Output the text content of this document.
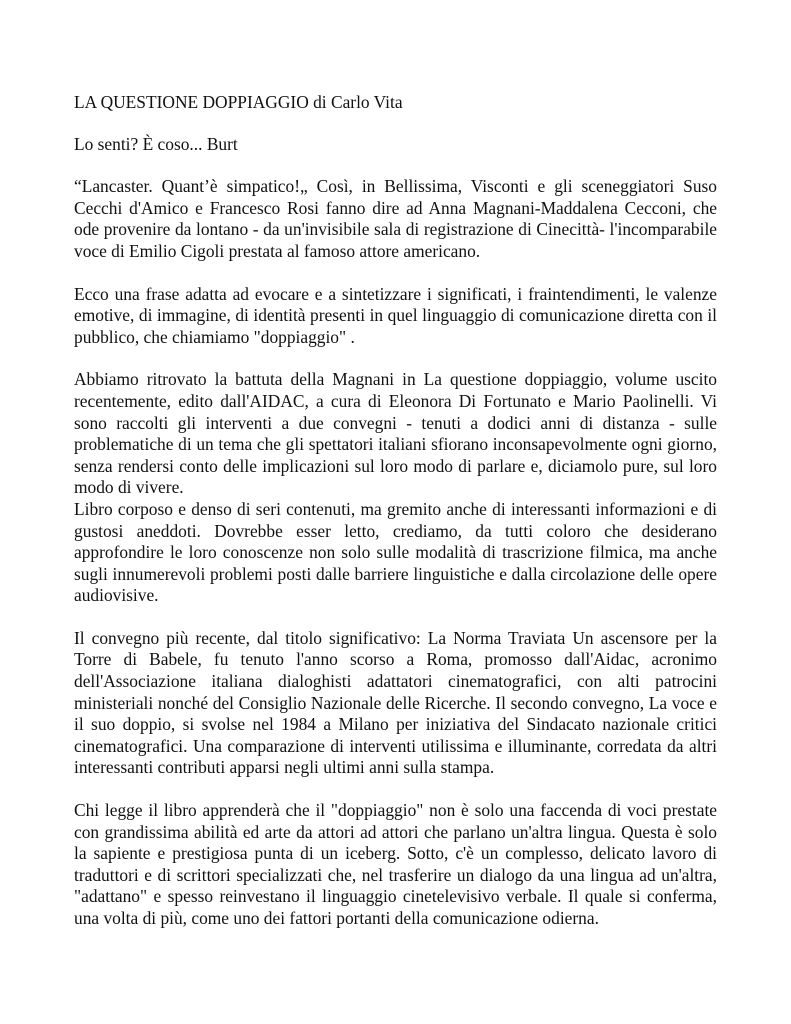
LA QUESTIONE DOPPIAGGIO di Carlo Vita

Lo senti? È coso... Burt

“Lancaster. Quant’è simpatico!„ Così, in Bellissima, Visconti e gli sceneggiatori Suso Cecchi d'Amico e Francesco Rosi fanno dire ad Anna Magnani-Maddalena Cecconi, che ode provenire da lontano - da un'invisibile sala di registrazione di Cinecittà- l'incomparabile voce di Emilio Cigoli prestata al famoso attore americano.

Ecco una frase adatta ad evocare e a sintetizzare i significati, i fraintendimenti, le valenze emotive, di immagine, di identità presenti in quel linguaggio di comunicazione diretta con il pubblico, che chiamiamo "doppiaggio" .

Abbiamo ritrovato la battuta della Magnani in La questione doppiaggio, volume uscito recentemente, edito dall'AIDAC, a cura di Eleonora Di Fortunato e Mario Paolinelli. Vi sono raccolti gli interventi a due convegni - tenuti a dodici anni di distanza - sulle problematiche di un tema che gli spettatori italiani sfiorano inconsapevolmente ogni giorno, senza rendersi conto delle implicazioni sul loro modo di parlare e, diciamolo pure, sul loro modo di vivere.

Libro corposo e denso di seri contenuti, ma gremito anche di interessanti informazioni e di gustosi aneddoti. Dovrebbe esser letto, crediamo, da tutti coloro che desiderano approfondire le loro conoscenze non solo sulle modalità di trascrizione filmica, ma anche sugli innumerevoli problemi posti dalle barriere linguistiche e dalla circolazione delle opere audiovisive.

Il convegno più recente, dal titolo significativo: La Norma Traviata Un ascensore per la Torre di Babele, fu tenuto l'anno scorso a Roma, promosso dall'Aidac, acronimo dell'Associazione italiana dialoghisti adattatori cinematografici, con alti patrocini ministeriali nonché del Consiglio Nazionale delle Ricerche. Il secondo convegno, La voce e il suo doppio, si svolse nel 1984 a Milano per iniziativa del Sindacato nazionale critici cinematografici. Una comparazione di interventi utilissima e illuminante, corredata da altri interessanti contributi apparsi negli ultimi anni sulla stampa.

Chi legge il libro apprenderà che il "doppiaggio" non è solo una faccenda di voci prestate con grandissima abilità ed arte da attori ad attori che parlano un'altra lingua. Questa è solo la sapiente e prestigiosa punta di un iceberg. Sotto, c'è un complesso, delicato lavoro di traduttori e di scrittori specializzati che, nel trasferire un dialogo da una lingua ad un'altra, "adattano" e spesso reinvestano il linguaggio cinetelevisivo verbale. Il quale si conferma, una volta di più, come uno dei fattori portanti della comunicazione odierna.
